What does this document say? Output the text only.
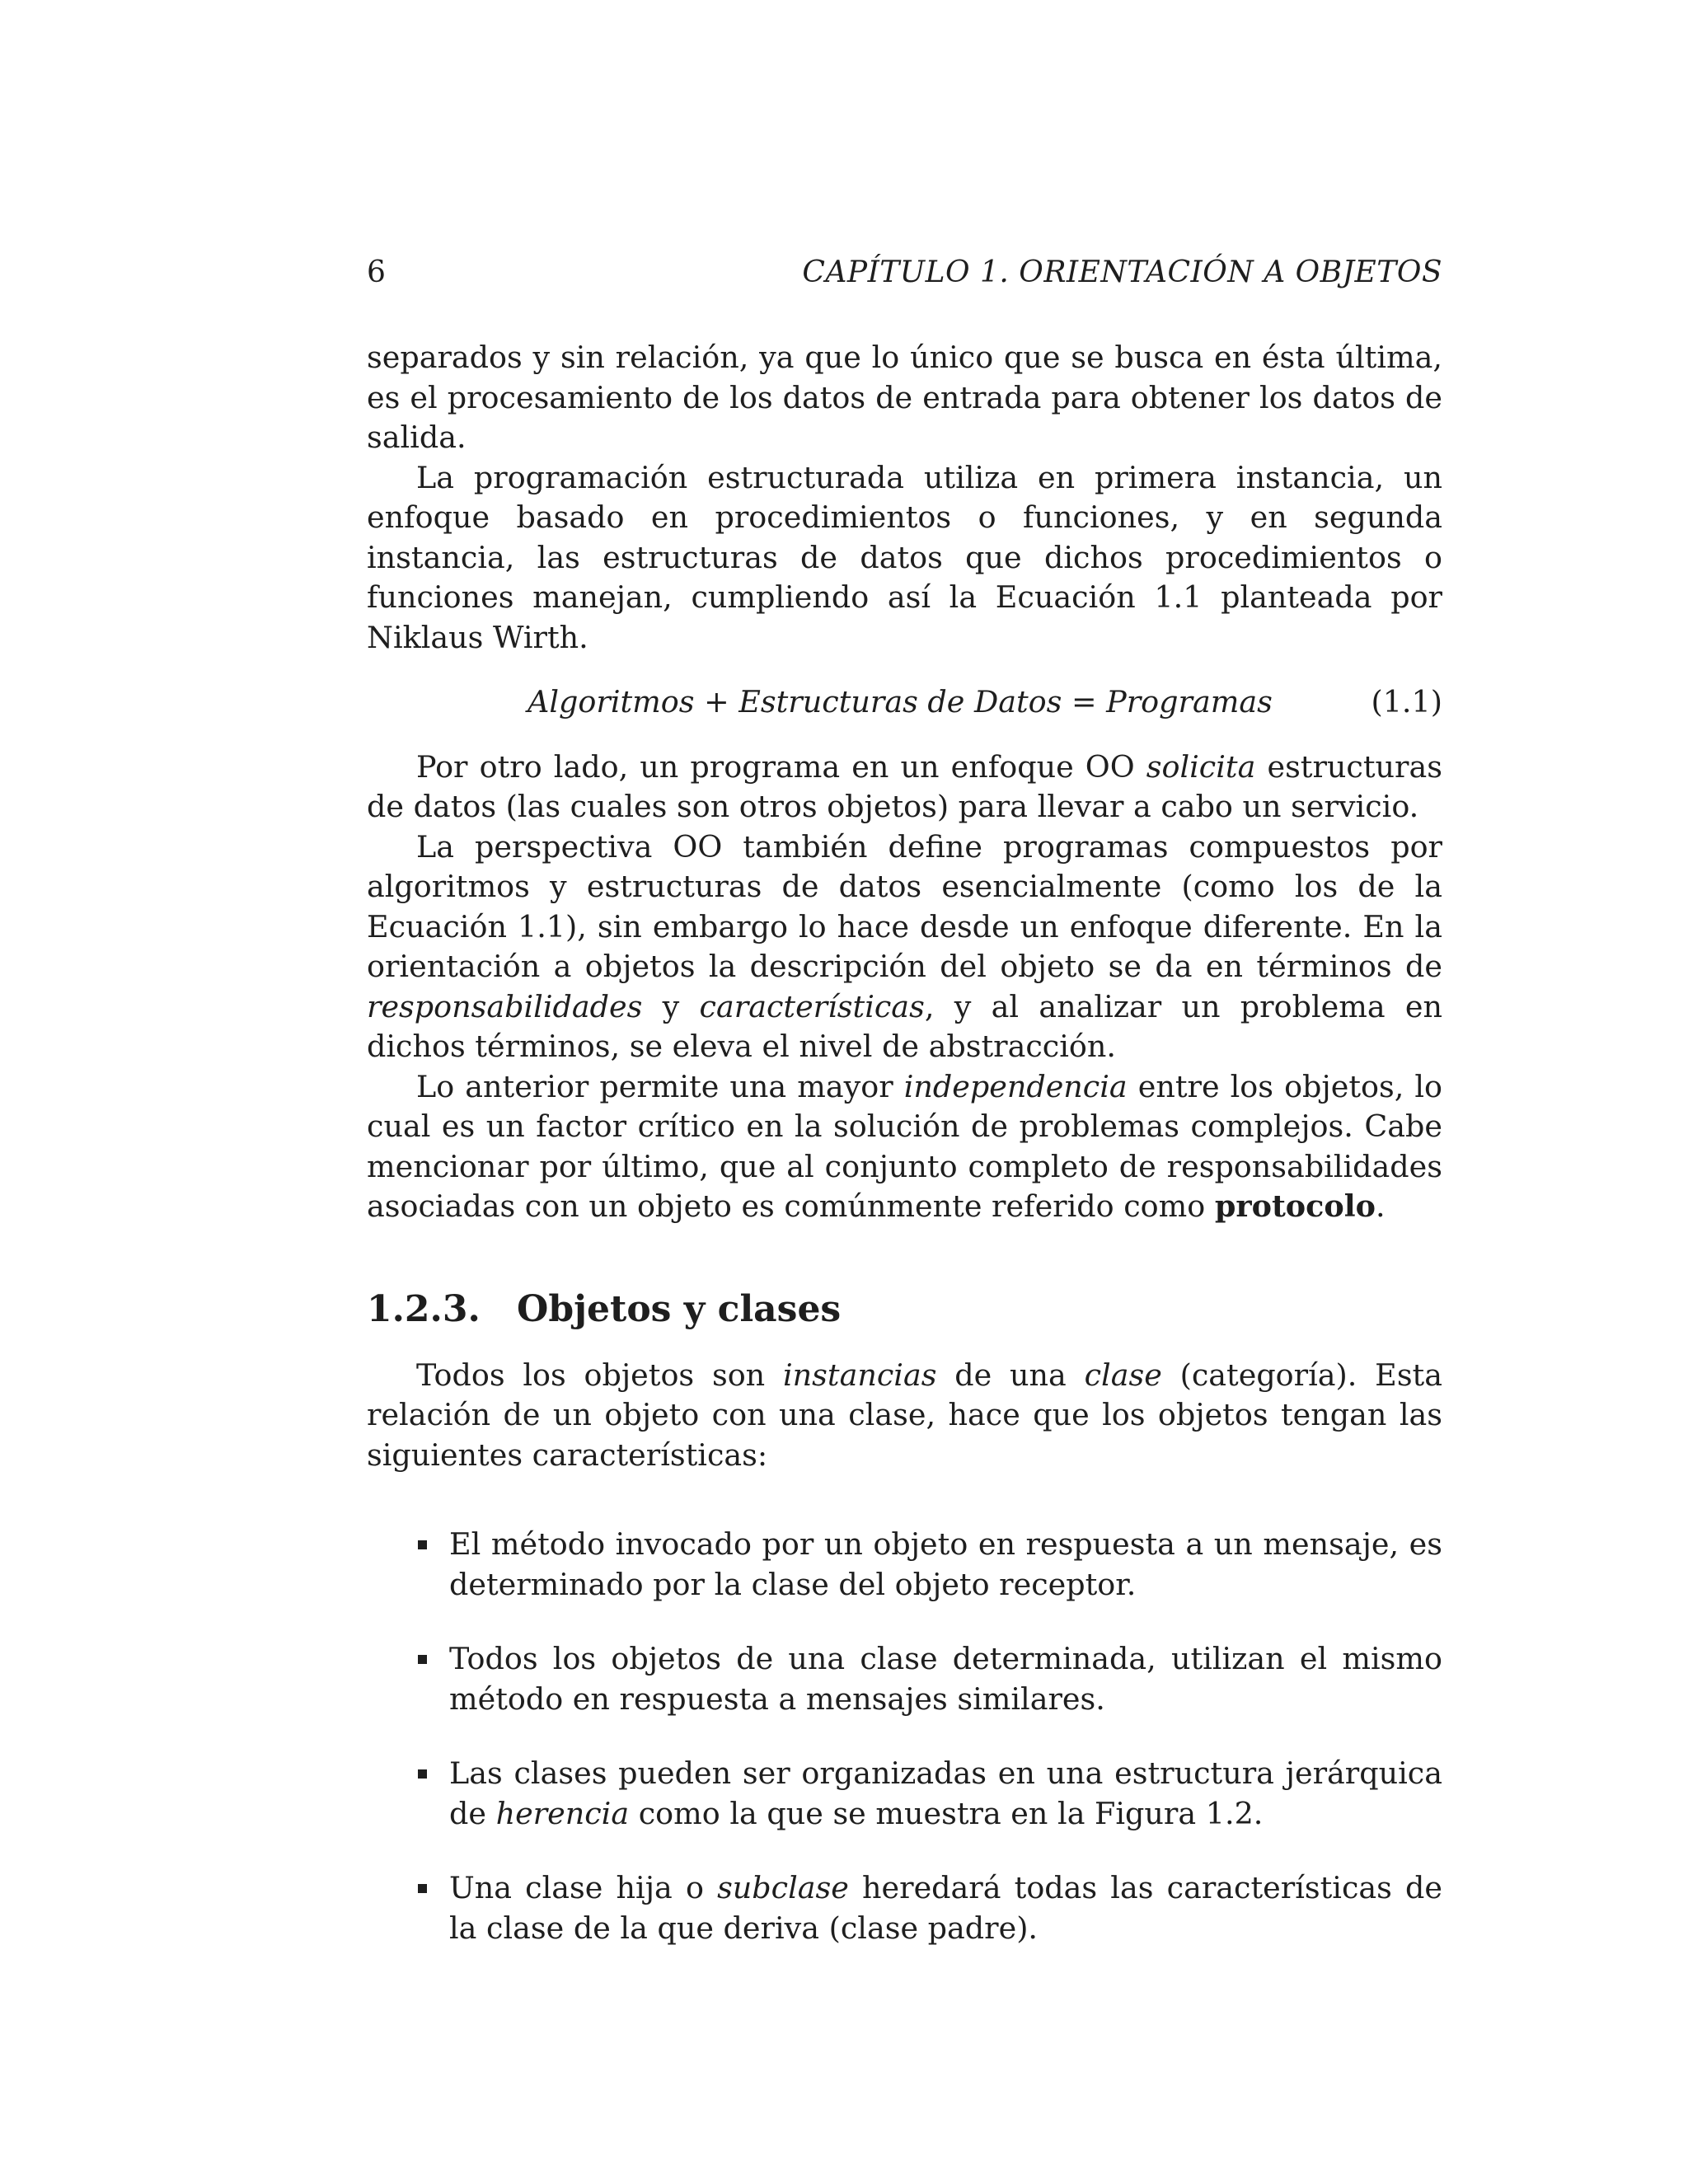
6	CAPÍTULO 1. ORIENTACIÓN A OBJETOS

separados y sin relación, ya que lo único que se busca en ésta última, es el procesamiento de los datos de entrada para obtener los datos de salida.

La programación estructurada utiliza en primera instancia, un enfoque basado en procedimientos o funciones, y en segunda instancia, las estructuras de datos que dichos procedimientos o funciones manejan, cumpliendo así la Ecuación 1.1 planteada por Niklaus Wirth.

Algoritmos + Estructuras de Datos = Programas	(1.1)

Por otro lado, un programa en un enfoque OO solicita estructuras de datos (las cuales son otros objetos) para llevar a cabo un servicio.

La perspectiva OO también define programas compuestos por algoritmos y estructuras de datos esencialmente (como los de la Ecuación 1.1), sin embargo lo hace desde un enfoque diferente. En la orientación a objetos la descripción del objeto se da en términos de responsabilidades y características, y al analizar un problema en dichos términos, se eleva el nivel de abstracción.

Lo anterior permite una mayor independencia entre los objetos, lo cual es un factor crítico en la solución de problemas complejos. Cabe mencionar por último, que al conjunto completo de responsabilidades asociadas con un objeto es comúnmente referido como protocolo.

1.2.3. Objetos y clases

Todos los objetos son instancias de una clase (categoría). Esta relación de un objeto con una clase, hace que los objetos tengan las siguientes características:

El método invocado por un objeto en respuesta a un mensaje, es determinado por la clase del objeto receptor.
Todos los objetos de una clase determinada, utilizan el mismo método en respuesta a mensajes similares.
Las clases pueden ser organizadas en una estructura jerárquica de herencia como la que se muestra en la Figura 1.2.
Una clase hija o subclase heredará todas las características de la clase de la que deriva (clase padre).
